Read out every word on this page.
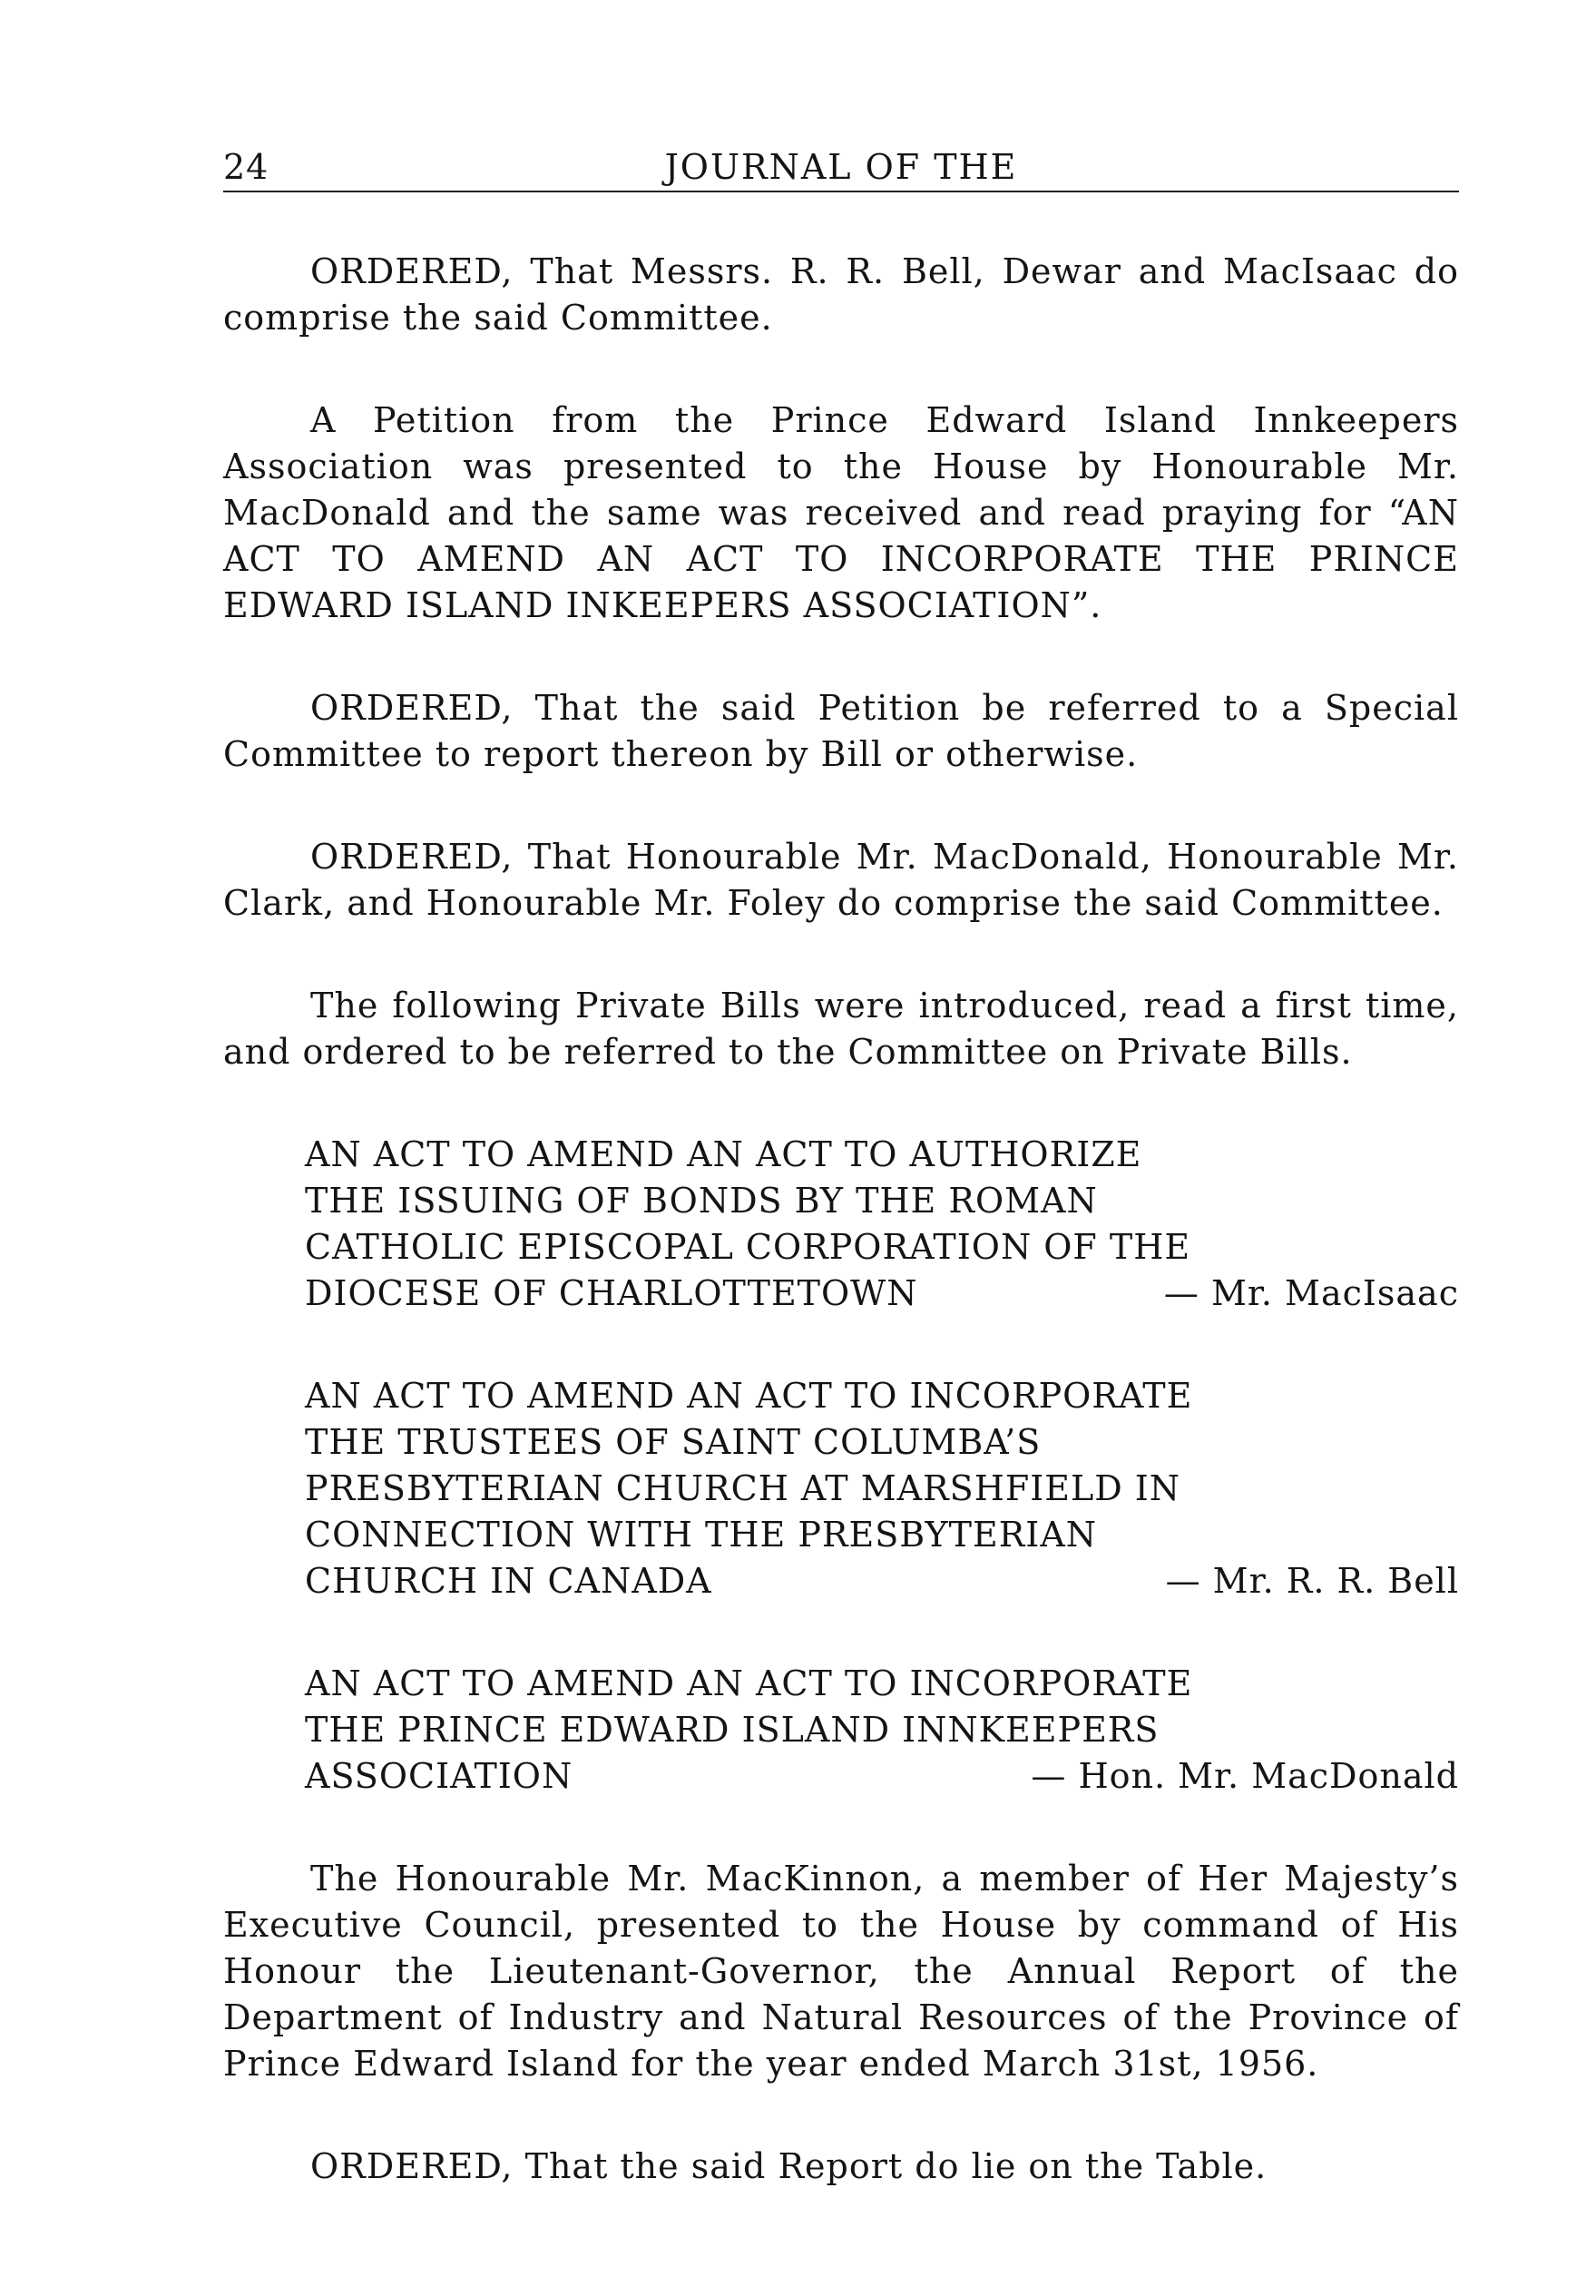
24	JOURNAL OF THE

ORDERED, That Messrs. R. R. Bell, Dewar and MacIsaac do comprise the said Committee.

A Petition from the Prince Edward Island Innkeepers Association was presented to the House by Honourable Mr. MacDonald and the same was received and read praying for “AN ACT TO AMEND AN ACT TO INCORPORATE THE PRINCE EDWARD ISLAND INKEEPERS ASSOCIATION”.

ORDERED, That the said Petition be referred to a Special Committee to report thereon by Bill or otherwise.

ORDERED, That Honourable Mr. MacDonald, Honourable Mr. Clark, and Honourable Mr. Foley do comprise the said Committee.

The following Private Bills were introduced, read a first time, and ordered to be referred to the Committee on Private Bills.

AN ACT TO AMEND AN ACT TO AUTHORIZE
THE ISSUING OF BONDS BY THE ROMAN
CATHOLIC EPISCOPAL CORPORATION OF THE
DIOCESE OF CHARLOTTETOWN	— Mr. MacIsaac
AN ACT TO AMEND AN ACT TO INCORPORATE
THE TRUSTEES OF SAINT COLUMBA’S
PRESBYTERIAN CHURCH AT MARSHFIELD IN
CONNECTION WITH THE PRESBYTERIAN
CHURCH IN CANADA	— Mr. R. R. Bell
AN ACT TO AMEND AN ACT TO INCORPORATE
THE PRINCE EDWARD ISLAND INNKEEPERS
ASSOCIATION	— Hon. Mr. MacDonald

The Honourable Mr. MacKinnon, a member of Her Majesty’s Executive Council, presented to the House by command of His Honour the Lieutenant-Governor, the Annual Report of the Department of Industry and Natural Resources of the Province of Prince Edward Island for the year ended March 31st, 1956.

ORDERED, That the said Report do lie on the Table.
